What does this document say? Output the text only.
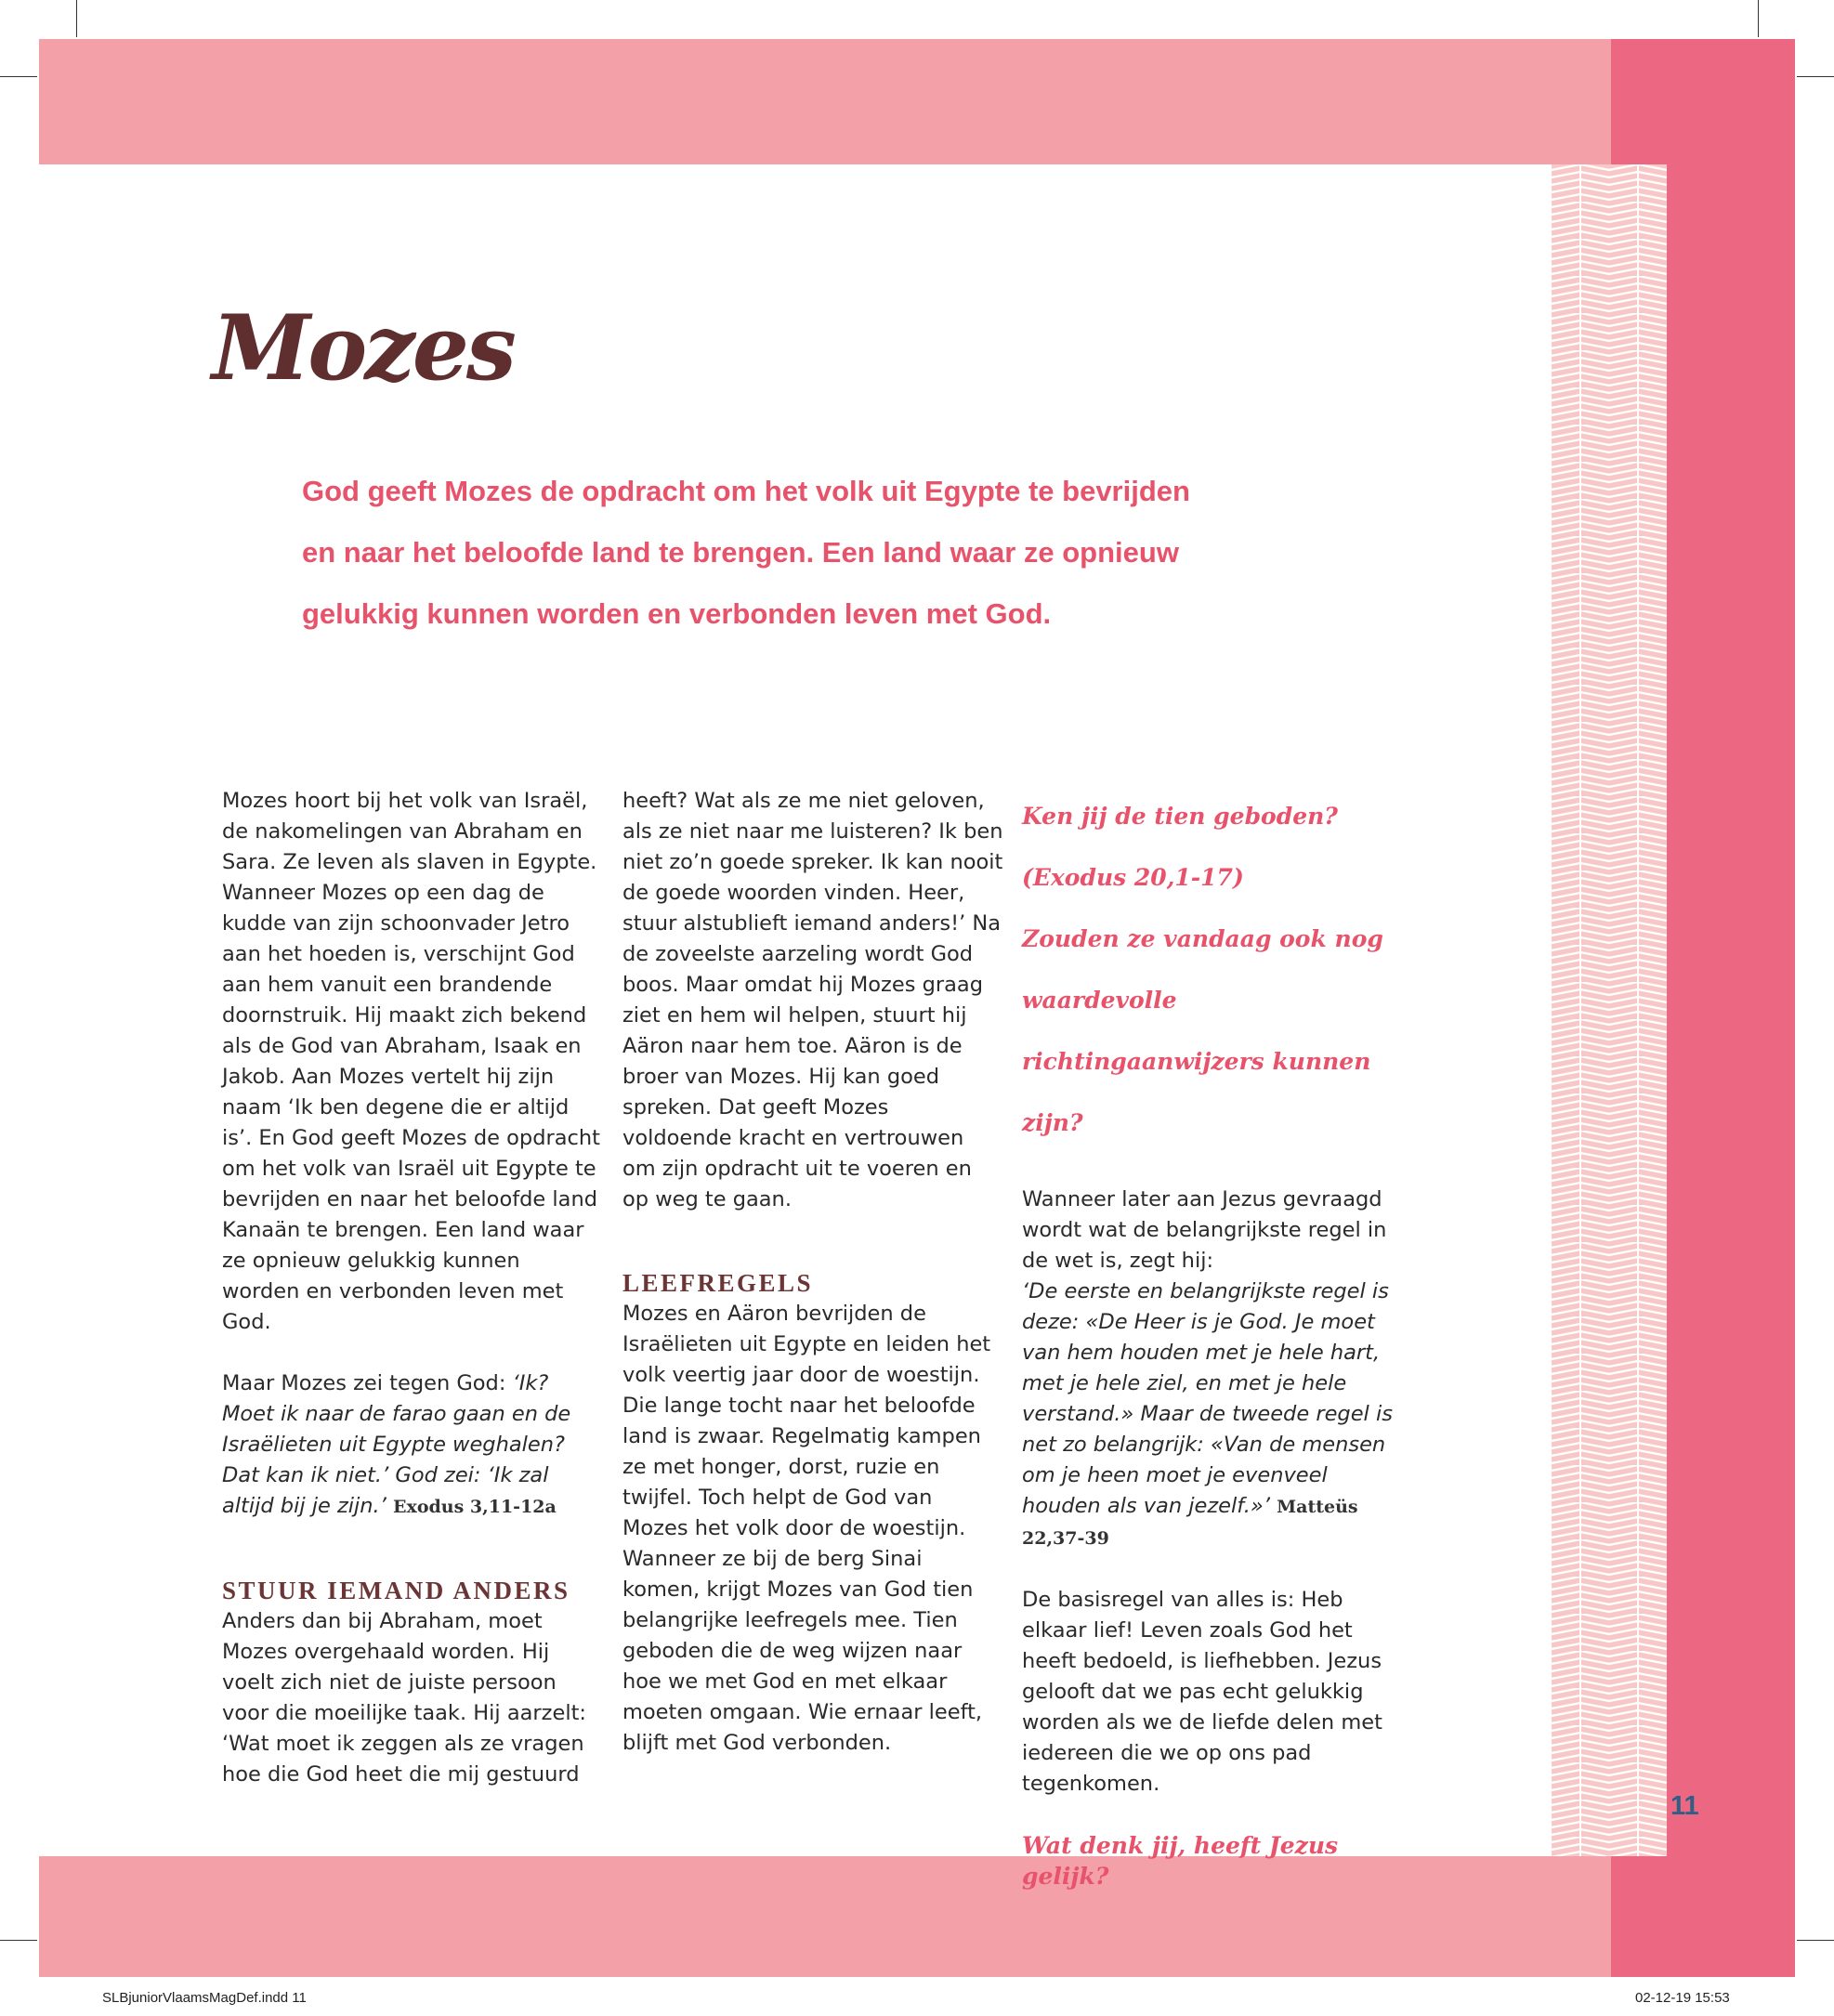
Mozes
God geeft Mozes de opdracht om het volk uit Egypte te bevrijden en naar het beloofde land te brengen. Een land waar ze opnieuw gelukkig kunnen worden en verbonden leven met God.

Mozes hoort bij het volk van Israël, de nakomelingen van Abraham en Sara. Ze leven als slaven in Egypte. Wanneer Mozes op een dag de kudde van zijn schoonvader Jetro aan het hoeden is, verschijnt God aan hem vanuit een brandende doornstruik. Hij maakt zich bekend als de God van Abraham, Isaak en Jakob. Aan Mozes vertelt hij zijn naam ‘Ik ben degene die er altijd is’. En God geeft Mozes de opdracht om het volk van Israël uit Egypte te bevrijden en naar het beloofde land Kanaän te brengen. Een land waar ze opnieuw gelukkig kunnen worden en verbonden leven met God.

Maar Mozes zei tegen God: ‘Ik? Moet ik naar de farao gaan en de Israëlieten uit Egypte weghalen? Dat kan ik niet.’ God zei: ‘Ik zal altijd bij je zijn.’ Exodus 3,11-12a

STUUR IEMAND ANDERS

Anders dan bij Abraham, moet Mozes overgehaald worden. Hij voelt zich niet de juiste persoon voor die moeilijke taak. Hij aarzelt: ‘Wat moet ik zeggen als ze vragen hoe die God heet die mij gestuurd

heeft? Wat als ze me niet geloven, als ze niet naar me luisteren? Ik ben niet zo’n goede spreker. Ik kan nooit de goede woorden vinden. Heer, stuur alstublieft iemand anders!’ Na de zoveelste aarzeling wordt God boos. Maar omdat hij Mozes graag ziet en hem wil helpen, stuurt hij Aäron naar hem toe. Aäron is de broer van Mozes. Hij kan goed spreken. Dat geeft Mozes voldoende kracht en vertrouwen om zijn opdracht uit te voeren en op weg te gaan.

LEEFREGELS

Mozes en Aäron bevrijden de Israëlieten uit Egypte en leiden het volk veertig jaar door de woestijn. Die lange tocht naar het beloofde land is zwaar. Regelmatig kampen ze met honger, dorst, ruzie en twijfel. Toch helpt de God van Mozes het volk door de woestijn. Wanneer ze bij de berg Sinai komen, krijgt Mozes van God tien belangrijke leefregels mee. Tien geboden die de weg wijzen naar hoe we met God en met elkaar moeten omgaan. Wie ernaar leeft, blijft met God verbonden.

Ken jij de tien geboden?

(Exodus 20,1-17)

Zouden ze vandaag ook nog waardevolle richtingaanwijzers kunnen zijn?

Wanneer later aan Jezus gevraagd wordt wat de belangrijkste regel in de wet is, zegt hij:
‘De eerste en belangrijkste regel is deze: «De Heer is je God. Je moet van hem houden met je hele hart, met je hele ziel, en met je hele verstand.» Maar de tweede regel is net zo belangrijk: «Van de mensen om je heen moet je evenveel houden als van jezelf.»’ Matteüs 22,37-39

De basisregel van alles is: Heb elkaar lief! Leven zoals God het heeft bedoeld, is liefhebben. Jezus gelooft dat we pas echt gelukkig worden als we de liefde delen met iedereen die we op ons pad tegenkomen.

Wat denk jij, heeft Jezus gelijk?

11
SLBjuniorVlaamsMagDef.indd 11	02-12-19 15:53
